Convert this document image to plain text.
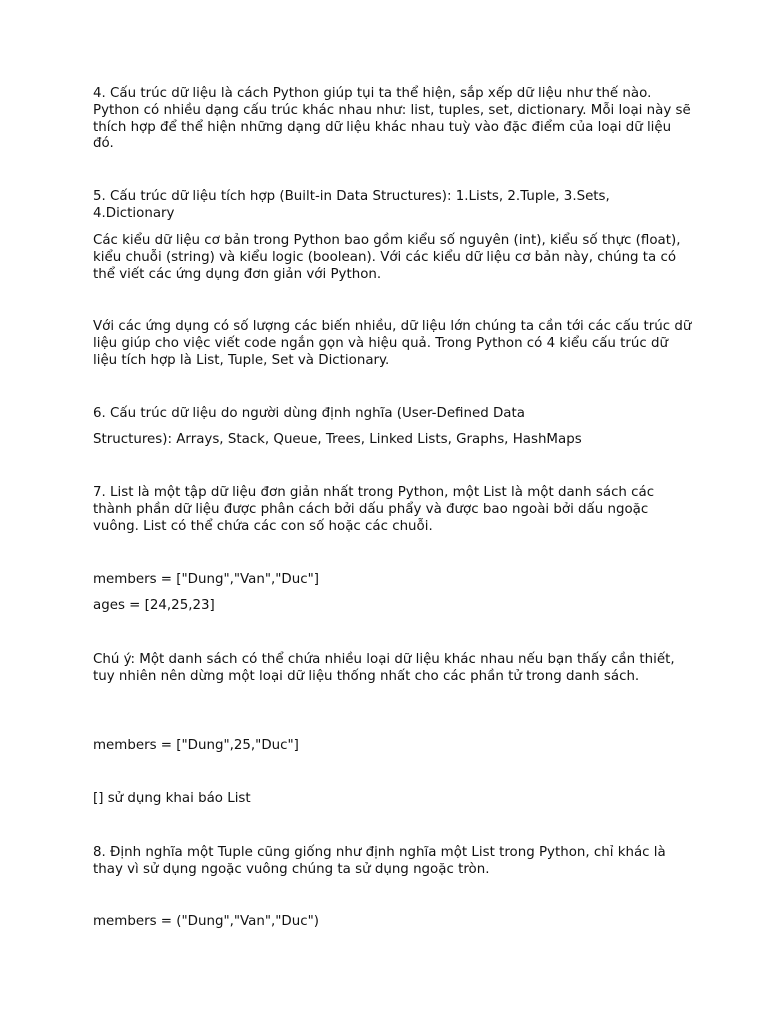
4. Cấu trúc dữ liệu là cách Python giúp tụi ta thể hiện, sắp xếp dữ liệu như thế nào. Python có nhiều dạng cấu trúc khác nhau như: list, tuples, set, dictionary. Mỗi loại này sẽ thích hợp để thể hiện những dạng dữ liệu khác nhau tuỳ vào đặc điểm của loại dữ liệu đó.

5. Cấu trúc dữ liệu tích hợp (Built-in Data Structures): 1.Lists, 2.Tuple, 3.Sets, 4.Dictionary

Các kiểu dữ liệu cơ bản trong Python bao gồm kiểu số nguyên (int), kiểu số thực (float), kiểu chuỗi (string) và kiểu logic (boolean). Với các kiểu dữ liệu cơ bản này, chúng ta có thể viết các ứng dụng đơn giản với Python.

Với các ứng dụng có số lượng các biến nhiều, dữ liệu lớn chúng ta cần tới các cấu trúc dữ liệu giúp cho việc viết code ngắn gọn và hiệu quả. Trong Python có 4 kiểu cấu trúc dữ liệu tích hợp là List, Tuple, Set và Dictionary.

6. Cấu trúc dữ liệu do người dùng định nghĩa (User-Defined Data

Structures): Arrays, Stack, Queue, Trees, Linked Lists, Graphs, HashMaps

7. List là một tập dữ liệu đơn giản nhất trong Python, một List là một danh sách các thành phần dữ liệu được phân cách bởi dấu phẩy và được bao ngoài bởi dấu ngoặc vuông. List có thể chứa các con số hoặc các chuỗi.

members = ["Dung","Van","Duc"]

ages = [24,25,23]

Chú ý: Một danh sách có thể chứa nhiều loại dữ liệu khác nhau nếu bạn thấy cần thiết, tuy nhiên nên dừng một loại dữ liệu thống nhất cho các phần tử trong danh sách.

members = ["Dung",25,"Duc"]

[] sử dụng khai báo List

8. Định nghĩa một Tuple cũng giống như định nghĩa một List trong Python, chỉ khác là thay vì sử dụng ngoặc vuông chúng ta sử dụng ngoặc tròn.

members = ("Dung","Van","Duc")
